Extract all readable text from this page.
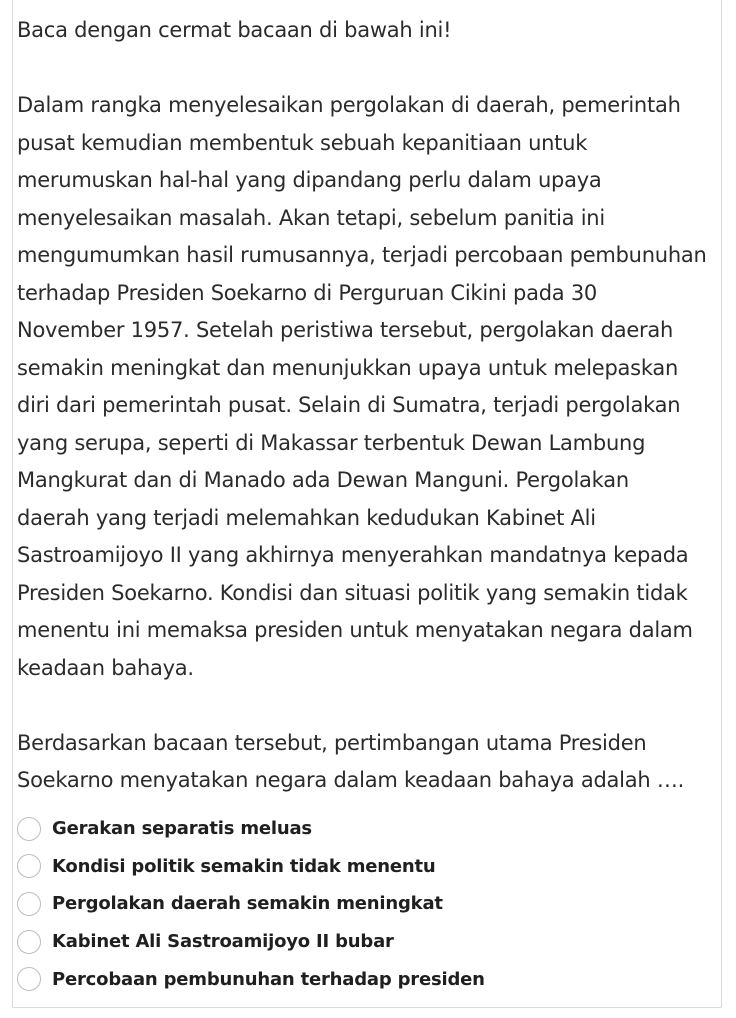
Baca dengan cermat bacaan di bawah ini!

Dalam rangka menyelesaikan pergolakan di daerah, pemerintah pusat kemudian membentuk sebuah kepanitiaan untuk merumuskan hal-hal yang dipandang perlu dalam upaya menyelesaikan masalah. Akan tetapi, sebelum panitia ini mengumumkan hasil rumusannya, terjadi percobaan pembunuhan terhadap Presiden Soekarno di Perguruan Cikini pada 30 November 1957. Setelah peristiwa tersebut, pergolakan daerah semakin meningkat dan menunjukkan upaya untuk melepaskan diri dari pemerintah pusat. Selain di Sumatra, terjadi pergolakan yang serupa, seperti di Makassar terbentuk Dewan Lambung Mangkurat dan di Manado ada Dewan Manguni. Pergolakan daerah yang terjadi melemahkan kedudukan Kabinet Ali Sastroamijoyo II yang akhirnya menyerahkan mandatnya kepada Presiden Soekarno. Kondisi dan situasi politik yang semakin tidak menentu ini memaksa presiden untuk menyatakan negara dalam keadaan bahaya.

Berdasarkan bacaan tersebut, pertimbangan utama Presiden Soekarno menyatakan negara dalam keadaan bahaya adalah ….

Gerakan separatis meluas
Kondisi politik semakin tidak menentu
Pergolakan daerah semakin meningkat
Kabinet Ali Sastroamijoyo II bubar
Percobaan pembunuhan terhadap presiden
